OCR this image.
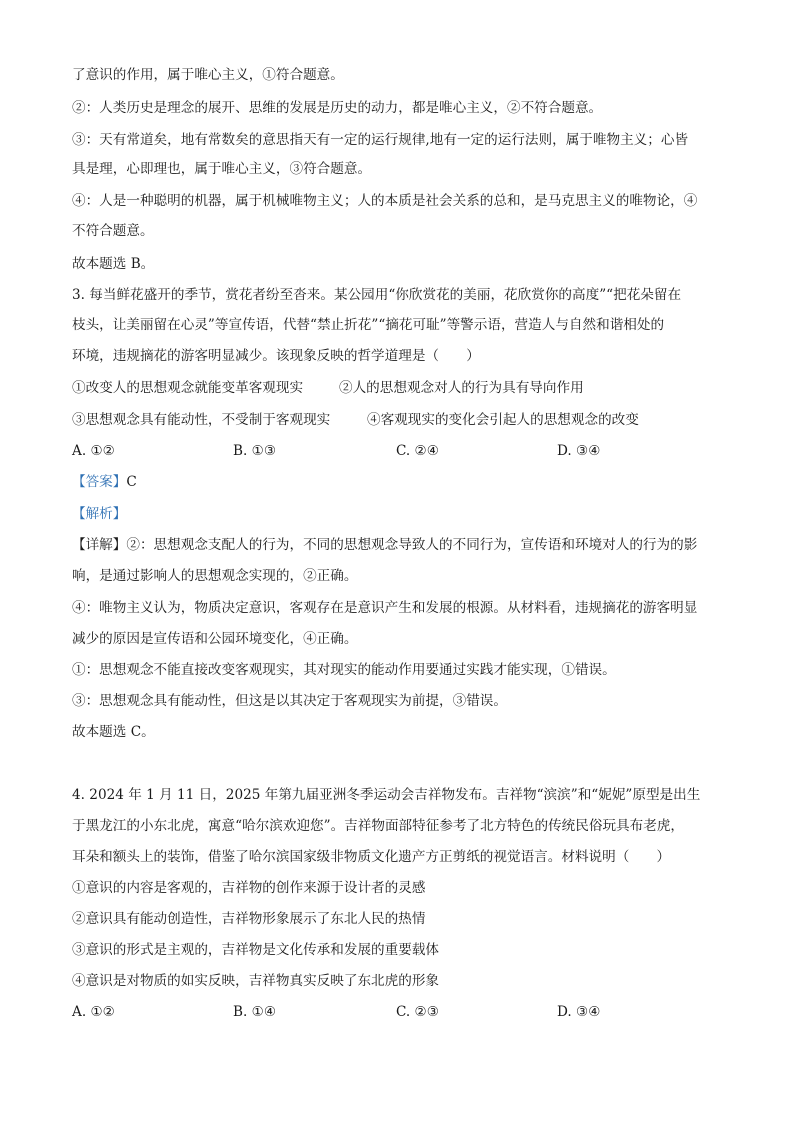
了意识的作用，属于唯心主义，①符合题意。
②：人类历史是理念的展开、思维的发展是历史的动力，都是唯心主义，②不符合题意。
③：天有常道矣，地有常数矣的意思指天有一定的运行规律,地有一定的运行法则，属于唯物主义；心皆
具是理，心即理也，属于唯心主义，③符合题意。
④：人是一种聪明的机器，属于机械唯物主义；人的本质是社会关系的总和，是马克思主义的唯物论，④
不符合题意。
故本题选 B。
3. 每当鲜花盛开的季节，赏花者纷至沓来。某公园用“你欣赏花的美丽，花欣赏你的高度”“把花朵留在
枝头，让美丽留在心灵”等宣传语，代替“禁止折花”“摘花可耻”等警示语，营造人与自然和谐相处的
环境，违规摘花的游客明显减少。该现象反映的哲学道理是（　　）
①改变人的思想观念就能变革客观现实	②人的思想观念对人的行为具有导向作用
③思想观念具有能动性，不受制于客观现实	④客观现实的变化会引起人的思想观念的改变
A. ①②	B. ①③	C. ②④	D. ③④
【答案】C
【解析】
【详解】②：思想观念支配人的行为，不同的思想观念导致人的不同行为，宣传语和环境对人的行为的影
响，是通过影响人的思想观念实现的，②正确。
④：唯物主义认为，物质决定意识，客观存在是意识产生和发展的根源。从材料看，违规摘花的游客明显
减少的原因是宣传语和公园环境变化，④正确。
①：思想观念不能直接改变客观现实，其对现实的能动作用要通过实践才能实现，①错误。
③：思想观念具有能动性，但这是以其决定于客观现实为前提，③错误。
故本题选 C。
4. 2024 年 1 月 11 日，2025 年第九届亚洲冬季运动会吉祥物发布。吉祥物“滨滨”和“妮妮”原型是出生
于黑龙江的小东北虎，寓意“哈尔滨欢迎您”。吉祥物面部特征参考了北方特色的传统民俗玩具布老虎，
耳朵和额头上的装饰，借鉴了哈尔滨国家级非物质文化遗产方正剪纸的视觉语言。材料说明（　　）
①意识的内容是客观的，吉祥物的创作来源于设计者的灵感
②意识具有能动创造性，吉祥物形象展示了东北人民的热情
③意识的形式是主观的，吉祥物是文化传承和发展的重要载体
④意识是对物质的如实反映，吉祥物真实反映了东北虎的形象
A. ①②	B. ①④	C. ②③	D. ③④
